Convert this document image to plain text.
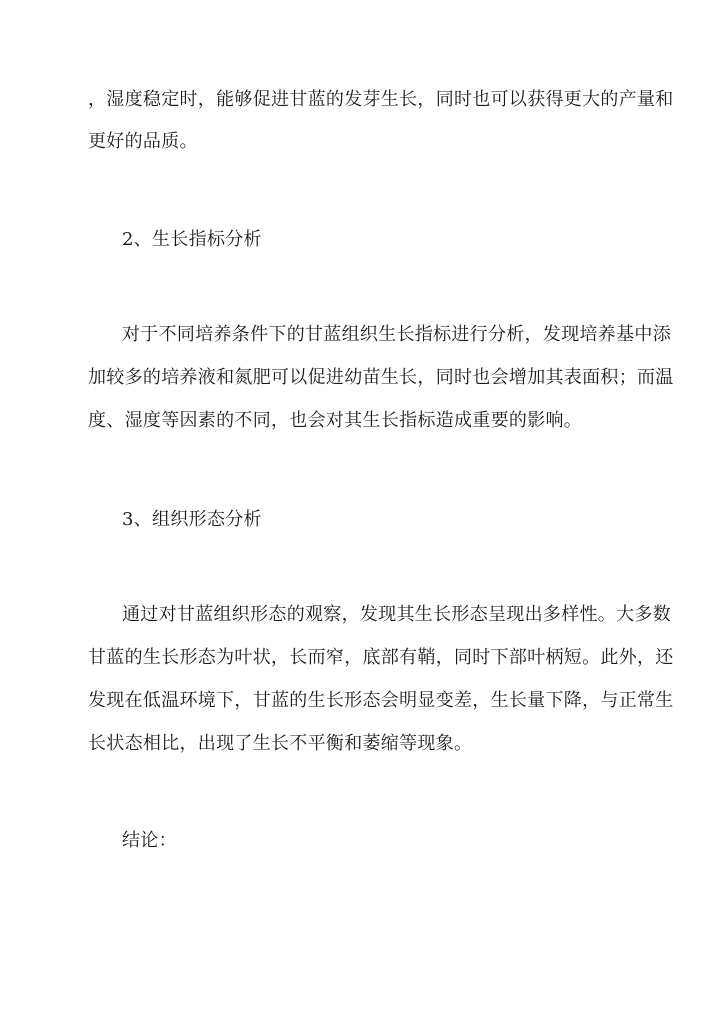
，湿度稳定时，能够促进甘蓝的发芽生长，同时也可以获得更大的产量和
更好的品质。
2、生长指标分析
对于不同培养条件下的甘蓝组织生长指标进行分析，发现培养基中添
加较多的培养液和氮肥可以促进幼苗生长，同时也会增加其表面积；而温
度、湿度等因素的不同，也会对其生长指标造成重要的影响。
3、组织形态分析
通过对甘蓝组织形态的观察，发现其生长形态呈现出多样性。大多数
甘蓝的生长形态为叶状，长而窄，底部有鞘，同时下部叶柄短。此外，还
发现在低温环境下，甘蓝的生长形态会明显变差，生长量下降，与正常生
长状态相比，出现了生长不平衡和萎缩等现象。
结论：
